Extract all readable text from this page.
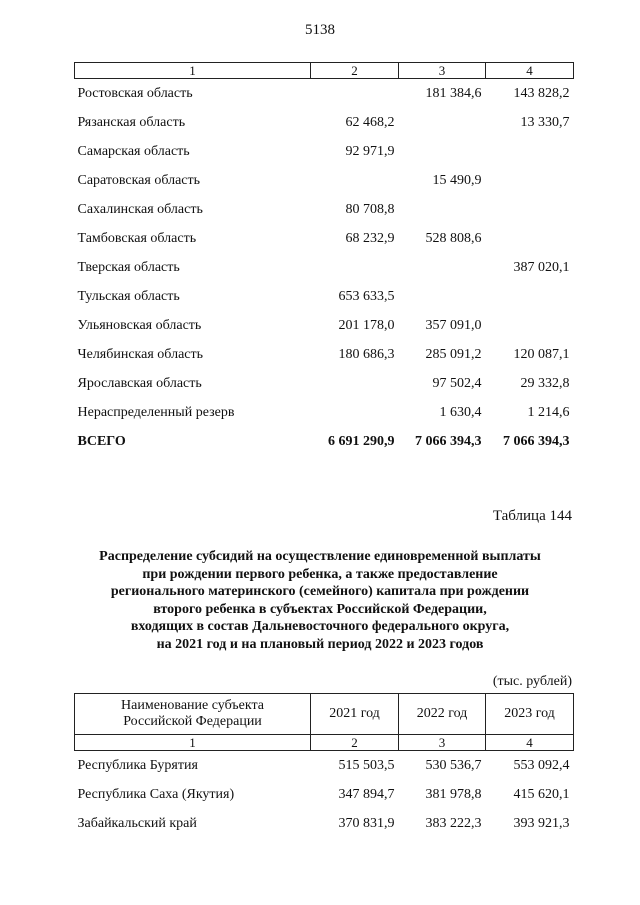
5138
1	2	3	4
Ростовская область		181 384,6	143 828,2
Рязанская область	62 468,2		13 330,7
Самарская область	92 971,9		
Саратовская область		15 490,9	
Сахалинская область	80 708,8		
Тамбовская область	68 232,9	528 808,6	
Тверская область			387 020,1
Тульская область	653 633,5		
Ульяновская область	201 178,0	357 091,0	
Челябинская область	180 686,3	285 091,2	120 087,1
Ярославская область		97 502,4	29 332,8
Нераспределенный резерв		1 630,4	1 214,6
ВСЕГО	6 691 290,9	7 066 394,3	7 066 394,3
Таблица 144
Распределение субсидий на осуществление единовременной выплаты
при рождении первого ребенка, а также предоставление
регионального материнского (семейного) капитала при рождении
второго ребенка в субъектах Российской Федерации,
входящих в состав Дальневосточного федерального округа,
на 2021 год и на плановый период 2022 и 2023 годов
(тыс. рублей)
Наименование субъекта
Российской Федерации	2021 год	2022 год	2023 год
1	2	3	4
Республика Бурятия	515 503,5	530 536,7	553 092,4
Республика Саха (Якутия)	347 894,7	381 978,8	415 620,1
Забайкальский край	370 831,9	383 222,3	393 921,3
